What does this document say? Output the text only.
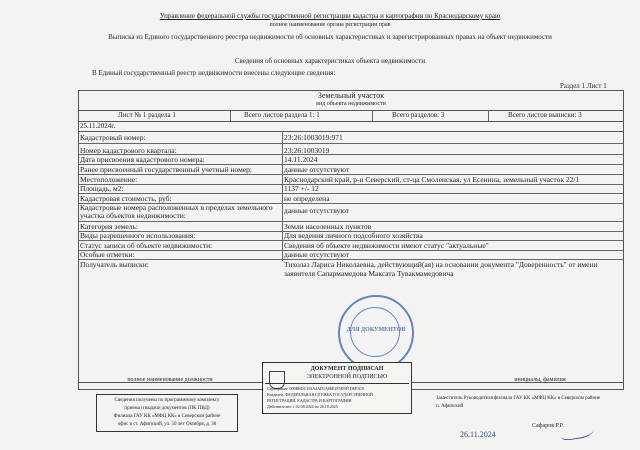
Управление федеральной службы государственной регистрации кадастра и картографии по Краснодарскому краю
полное наименование органа регистрации прав
Выписка из Единого государственного реестра недвижимости об основных характеристиках и зарегистрированных правах на объект недвижимости
Сведения об основных характеристиках объекта недвижимости
В Единый государственный реестр недвижимости внесены следующие сведения:
Раздел 1 Лист 1
Земельный участок
вид объекта недвижимости
Лист № 1 раздела 1	Всего листов раздела 1: 1	Всего разделов: 3	Всего листов выписки: 3
25.11.2024г.
Кадастровый номер:	23:26:1003019:971
Номер кадастрового квартала:	23:26:1003019
Дата присвоения кадастрового номера:	14.11.2024
Ранее присвоенный государственный учетный номер:	данные отсутствуют
Местоположение:	Краснодарский край, р-н Северский, ст-ца Смоленская, ул Есенина, земельный участок 22/1
Площадь, м2:	1137 +/- 12
Кадастровая стоимость, руб:	не определена
Кадастровые номера расположенных в пределах земельного
участка объектов недвижимости:
данные отсутствуют
Категория земель:	Земли населенных пунктов
Виды разрешенного использования:	Для ведения личного подсобного хозяйства
Статус записи об объекте недвижимости:	Сведения об объекте недвижимости имеют статус "актуальные"
Особые отметки:	данные отсутствуют
Получатель выписки:	Тихолаз Лариса Николаевна, действующий(ая) на основании документа "Доверенность" от имени
заявителя Сапармамедова Максата Тувакмамедовича
ДЛЯ ДОКУМЕНТОВ
полное наименование должности
ДОКУМЕНТ ПОДПИСАН
ЭЛЕКТРОННОЙ ПОДПИСЬЮ
Сертификат: 009BBDC192A4AD1A86E2F5D5F1DEE3C0
Владелец: ФЕДЕРАЛЬНАЯ СЛУЖБА ГОСУДАРСТВЕННОЙ
РЕГИСТРАЦИИ, КАДАСТРА И КАРТОГРАФИИ
Действителен: с 02.08.2024 по 26.10.2025
инициалы, фамилия
Сведения получены по программному комплексу
приема и выдачи документов (ПК ПВД)
Филиала ГАУ КК «МФЦ КК» в Северском районе
офис в ст. Афипский, ул. 50 лет Октября, д. 30
Заместитель Руководителя филиала ГАУ КК «МФЦ КК» в Северском районе
п. Афипский
Сафаров Р.Р.
26.11.2024
